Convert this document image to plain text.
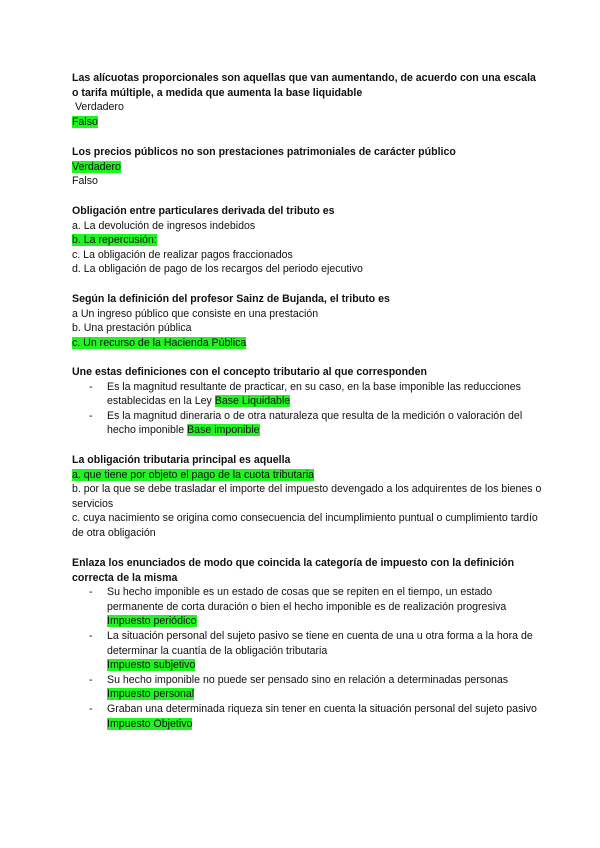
Las alícuotas proporcionales son aquellas que van aumentando, de acuerdo con una escala o tarifa múltiple, a medida que aumenta la base liquidable

Verdadero

Falso

Los precios públicos no son prestaciones patrimoniales de carácter público

Verdadero

Falso

Obligación entre particulares derivada del tributo es

a. La devolución de ingresos indebidos

b. La repercusión:

c. La obligación de realizar pagos fraccionados

d. La obligación de pago de los recargos del periodo ejecutivo

Según la definición del profesor Sainz de Bujanda, el tributo es

a Un ingreso público que consiste en una prestación

b. Una prestación pública

c. Un recurso de la Hacienda Pública

Une estas definiciones con el concepto tributario al que corresponden

- Es la magnitud resultante de practicar, en su caso, en la base imponible las reducciones establecidas en la Ley Base Liquidable
- Es la magnitud dineraria o de otra naturaleza que resulta de la medición o valoración del hecho imponible Base imponible

La obligación tributaria principal es aquella

a. que tiene por objeto el pago de la cuota tributaria

b. por la que se debe trasladar el importe del impuesto devengado a los adquirentes de los bienes o servicios

c. cuya nacimiento se origina como consecuencia del incumplimiento puntual o cumplimiento tardío de otra obligación

Enlaza los enunciados de modo que coincida la categoría de impuesto con la definición correcta de la misma

- Su hecho imponible es un estado de cosas que se repiten en el tiempo, un estado permanente de corta duración o bien el hecho imponible es de realización progresiva
Impuesto periódico
- La situación personal del sujeto pasivo se tiene en cuenta de una u otra forma a la hora de determinar la cuantía de la obligación tributaria
Impuesto subjetivo
- Su hecho imponible no puede ser pensado sino en relación a determinadas personas
Impuesto personal
- Graban una determinada riqueza sin tener en cuenta la situación personal del sujeto pasivo
Impuesto Objetivo
